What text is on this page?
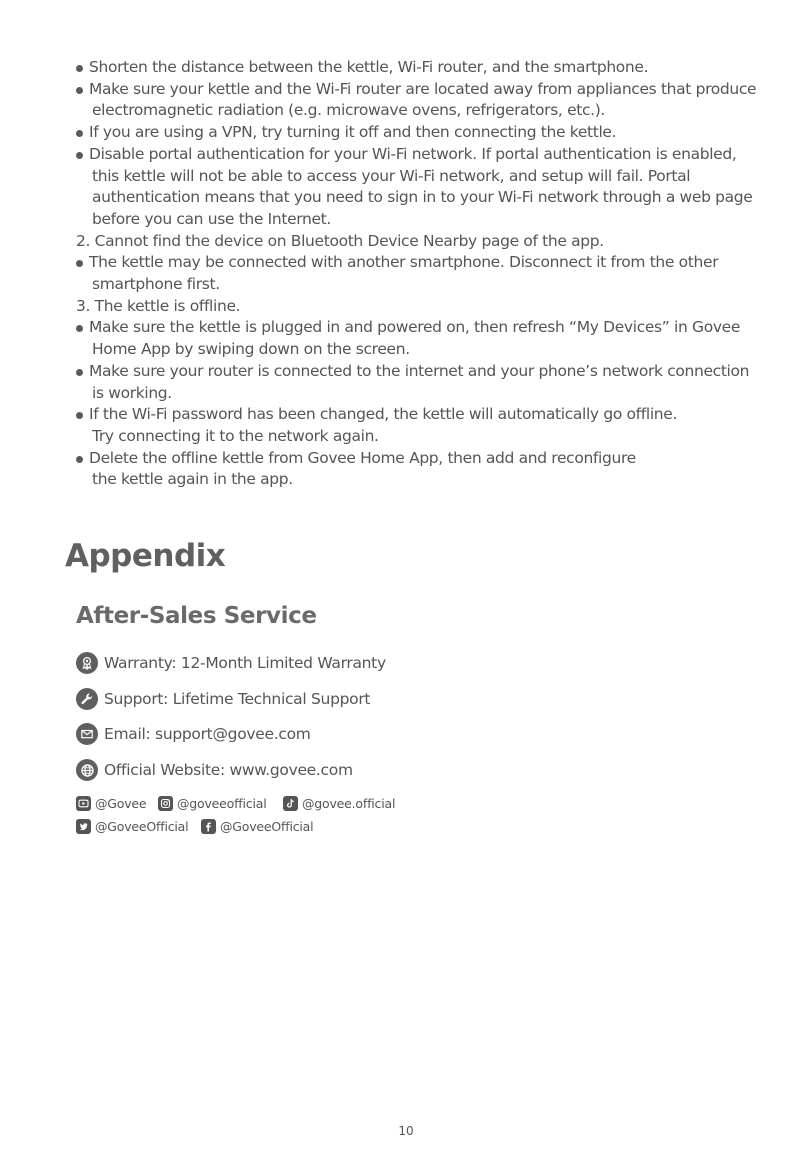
Shorten the distance between the kettle, Wi-Fi router, and the smartphone.
Make sure your kettle and the Wi-Fi router are located away from appliances that produce
electromagnetic radiation (e.g. microwave ovens, refrigerators, etc.).
If you are using a VPN, try turning it off and then connecting the kettle.
Disable portal authentication for your Wi-Fi network. If portal authentication is enabled,
this kettle will not be able to access your Wi-Fi network, and setup will fail. Portal
authentication means that you need to sign in to your Wi-Fi network through a web page
before you can use the Internet.
2. Cannot find the device on Bluetooth Device Nearby page of the app.
The kettle may be connected with another smartphone. Disconnect it from the other
smartphone first.
3. The kettle is offline.
Make sure the kettle is plugged in and powered on, then refresh “My Devices” in Govee
Home App by swiping down on the screen.
Make sure your router is connected to the internet and your phone’s network connection
is working.
If the Wi-Fi password has been changed, the kettle will automatically go offline.
Try connecting it to the network again.
Delete the offline kettle from Govee Home App, then add and reconfigure
the kettle again in the app.
Appendix
After-Sales Service
Warranty: 12-Month Limited Warranty
Support: Lifetime Technical Support
Email: support@govee.com
Official Website: www.govee.com
@Govee @goveeofficial	@govee.official
@GoveeOfficial	@GoveeOfficial
10
